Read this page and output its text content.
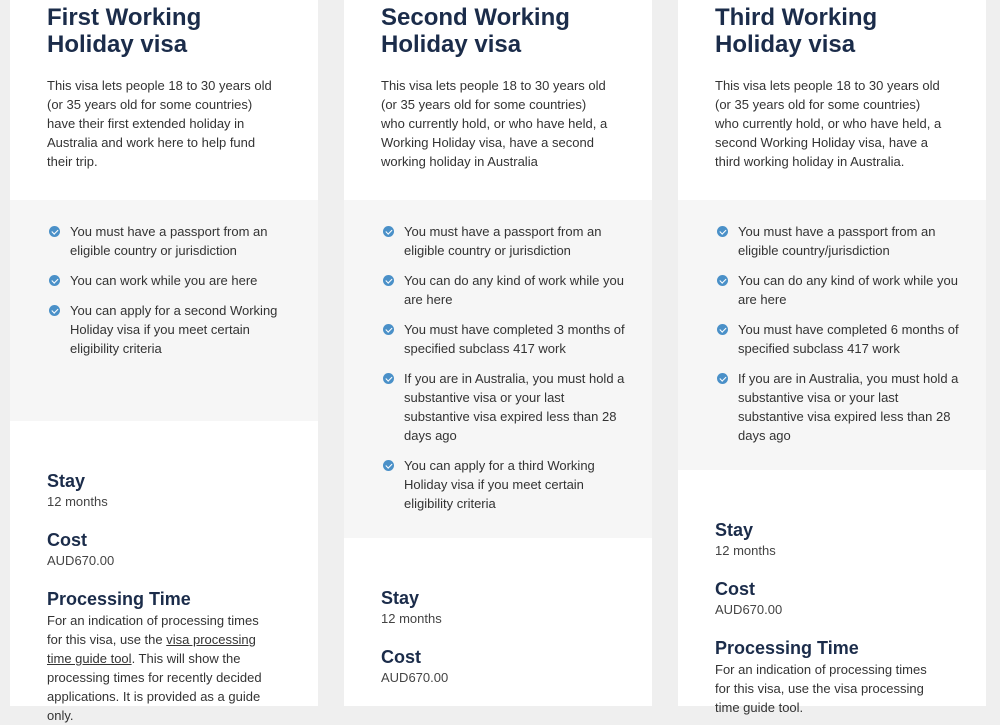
First Working
Holiday visa

This visa lets people 18 to 30 years old (or 35 years old for some countries) have their first extended holiday in Australia and work here to help fund their trip.

You must have a passport from an eligible country or jurisdiction
You can work while you are here
You can apply for a second Working Holiday visa if you meet certain eligibility criteria
Stay

12 months

Cost

AUD670.00

Processing Time

For an indication of processing times for this visa, use the visa processing time guide tool. This will show the processing times for recently decided applications. It is provided as a guide only.

Second Working
Holiday visa

This visa lets people 18 to 30 years old (or 35 years old for some countries) who currently hold, or who have held, a Working Holiday visa, have a second working holiday in Australia

You must have a passport from an eligible country or jurisdiction
You can do any kind of work while you are here
You must have completed 3 months of specified subclass 417 work
If you are in Australia, you must hold a substantive visa or your last substantive visa expired less than 28 days ago
You can apply for a third Working Holiday visa if you meet certain eligibility criteria
Stay

12 months

Cost

AUD670.00

Third Working
Holiday visa

This visa lets people 18 to 30 years old (or 35 years old for some countries) who currently hold, or who have held, a second Working Holiday visa, have a third working holiday in Australia.

You must have a passport from an eligible country/jurisdiction
You can do any kind of work while you are here
You must have completed 6 months of specified subclass 417 work
If you are in Australia, you must hold a substantive visa or your last substantive visa expired less than 28 days ago
Stay

12 months

Cost

AUD670.00

Processing Time

For an indication of processing times for this visa, use the visa processing time guide tool.
